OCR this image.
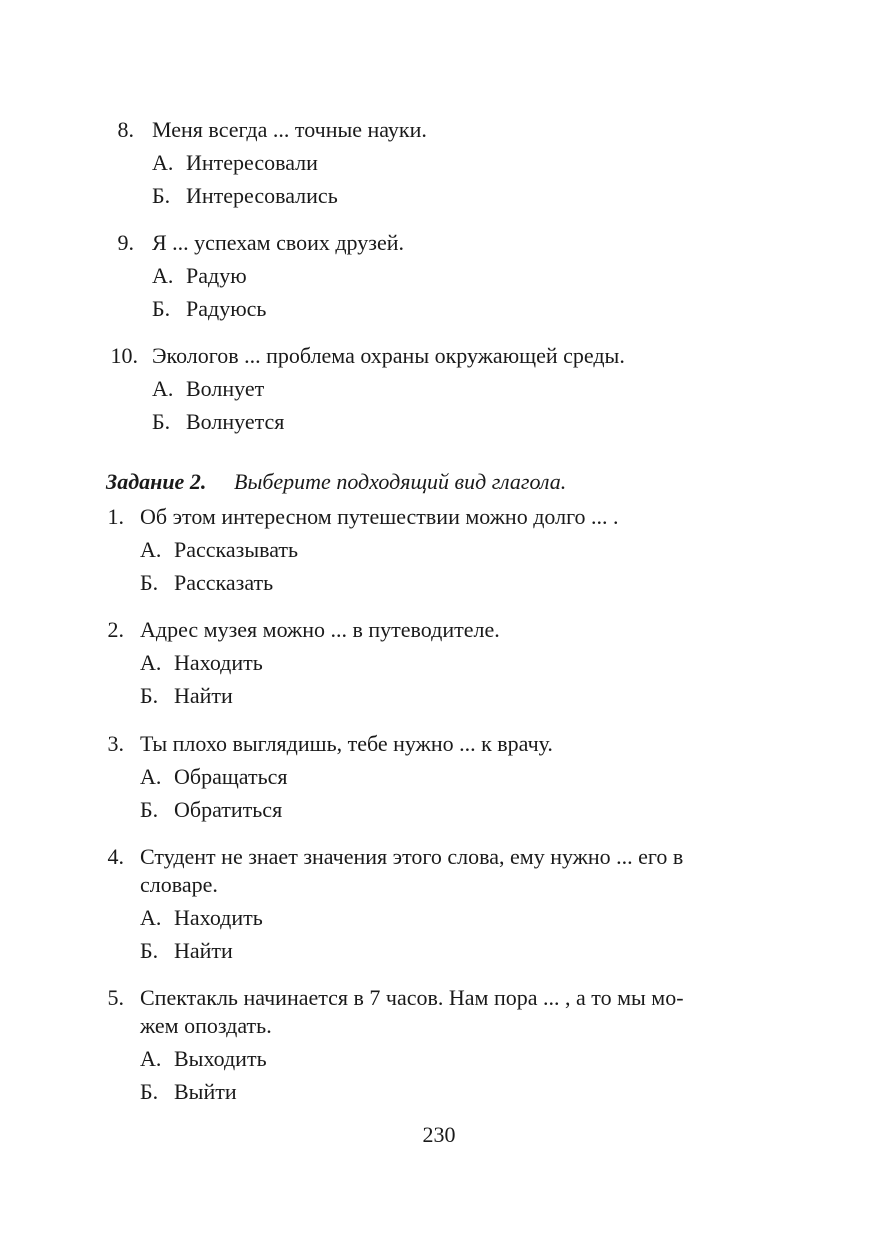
8. Меня всегда ... точные науки.
А. Интересовали
Б. Интересовались
9. Я ... успехам своих друзей.
А. Радую
Б. Радуюсь
10. Экологов ... проблема охраны окружающей среды.
А. Волнует
Б. Волнуется
Задание 2. Выберите подходящий вид глагола.
1. Об этом интересном путешествии можно долго ... .
А. Рассказывать
Б. Рассказать
2. Адрес музея можно ... в путеводителе.
А. Находить
Б. Найти
3. Ты плохо выглядишь, тебе нужно ... к врачу.
А. Обращаться
Б. Обратиться
4. Студент не знает значения этого слова, ему нужно ... его в
словаре.
А. Находить
Б. Найти
5. Спектакль начинается в 7 часов. Нам пора ... , а то мы мо-
жем опоздать.
А. Выходить
Б. Выйти
230
